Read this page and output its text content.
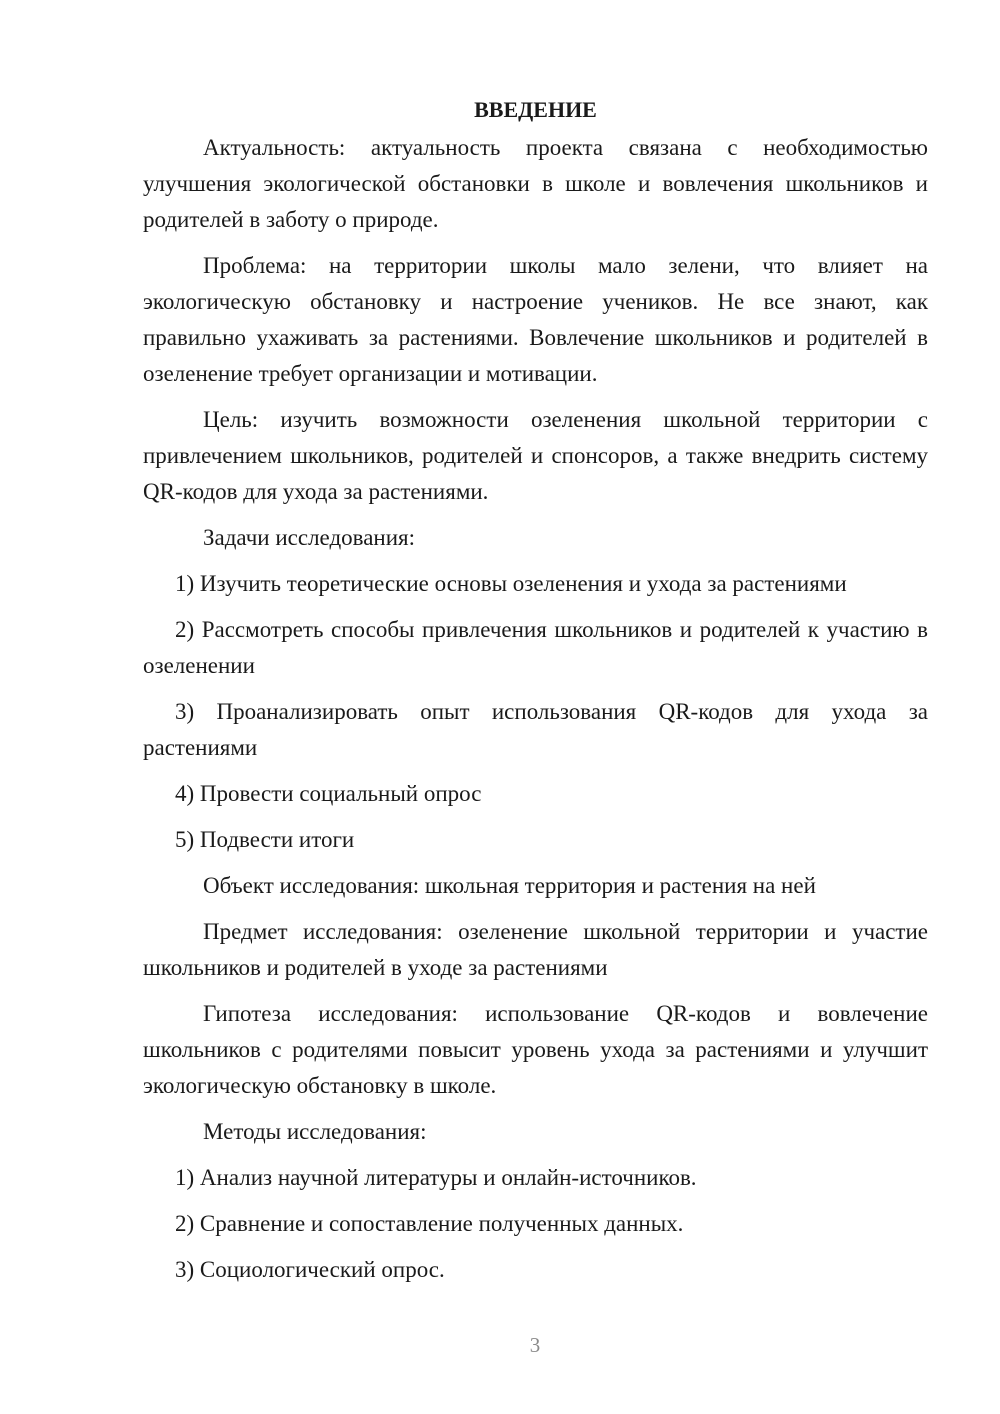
ВВЕДЕНИЕ

Актуальность: актуальность проекта связана с необходимостью улучшения экологической обстановки в школе и вовлечения школьников и родителей в заботу о природе.

Проблема: на территории школы мало зелени, что влияет на экологическую обстановку и настроение учеников. Не все знают, как правильно ухаживать за растениями. Вовлечение школьников и родителей в озеленение требует организации и мотивации.

Цель: изучить возможности озеленения школьной территории с привлечением школьников, родителей и спонсоров, а также внедрить систему QR-кодов для ухода за растениями.

Задачи исследования:

1) Изучить теоретические основы озеленения и ухода за растениями

2) Рассмотреть способы привлечения школьников и родителей к участию в озеленении

3) Проанализировать опыт использования QR-кодов для ухода за растениями

4) Провести социальный опрос

5) Подвести итоги

Объект исследования: школьная территория и растения на ней

Предмет исследования: озеленение школьной территории и участие школьников и родителей в уходе за растениями

Гипотеза исследования: использование QR-кодов и вовлечение школьников с родителями повысит уровень ухода за растениями и улучшит экологическую обстановку в школе.

Методы исследования:

1) Анализ научной литературы и онлайн-источников.

2) Сравнение и сопоставление полученных данных.

3) Социологический опрос.

3
